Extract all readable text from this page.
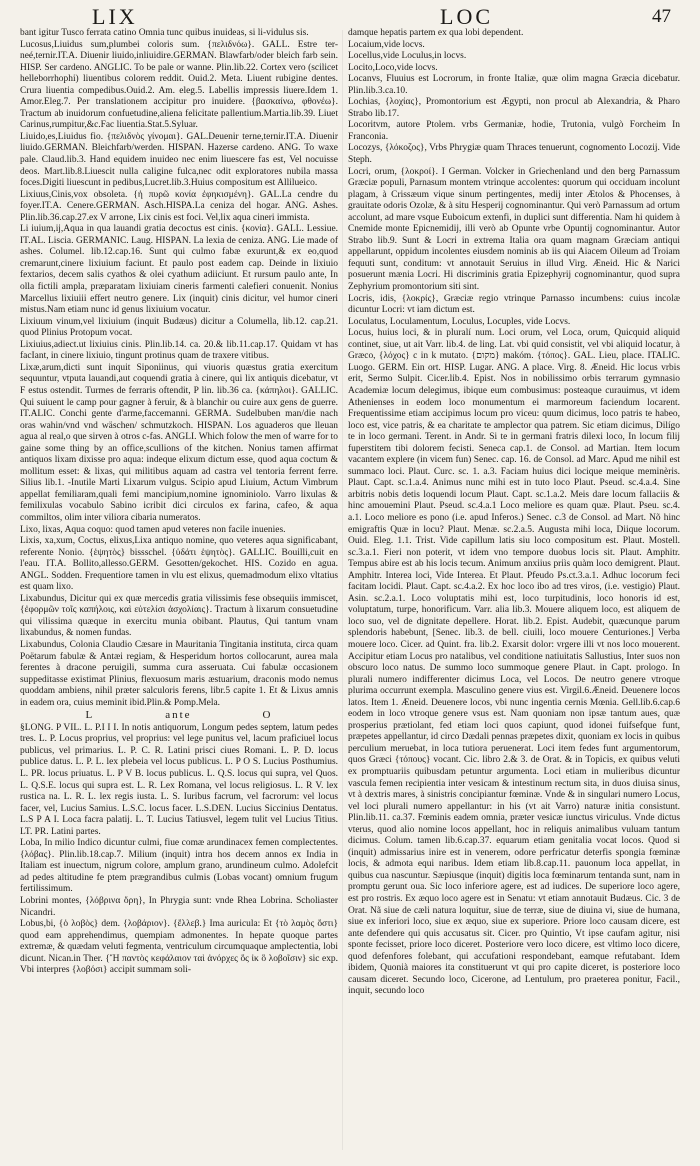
LIX	LOC	47

bant igitur Tusco ferrata catino Omnia tunc quibus inuideas, si li-vidulus sis.

Lucosus,Liuidus sum,plumbei coloris sum. {πελιδνόω}. GALL. Estre ter-neé,ternir.IT.A. Diuenir liuido,inliuidire.GERMAN. Blawfarb/oder bleich farb sein. HISP. Ser cardeno. ANGLIC. To be pale or wanne. Plin.lib.22. Cortex vero (scilicet helleborrhophi) liuentibus colorem reddit. Ouid.2. Meta. Liuent rubigine dentes. Crura liuentia compedibus.Ouid.2. Am. eleg.5. Labellis impressis liuere.Idem 1. Amor.Eleg.7. Per translationem accipitur pro inuidere. {βασκαίνω, φθονέω}. Tractum ab inuidorum confuetudine,aliena felicitate pallentium.Martia.lib.39. Liuet Carinus,rumpitur,&c.Fac liuentia.Stat.5.Syluar.

Liuido,es,Liuidus fio. {πελιδνὸς γίνομαι}. GAL.Deuenir terne,ternir.IT.A. Diuenir liuido.GERMAN. Bleichfarb/werden. HISPAN. Hazerse cardeno. ANG. To waxe pale. Claud.lib.3. Hand equidem inuideo nec enim liuescere fas est, Vel nocuisse deos. Mart.lib.8.Liuescit nulla caligine fulca,nec odit exploratores nubila massa foces.Digiti liuescunt in pedibus,Lucret.lib.3.Huius compositum est Allilueico.

Lixiuus,Cinis,vox obsoleta. {ἡ πυρῶ κονία ἐφηκισμένη}. GAL.La cendre du foyer.IT.A. Cenere.GERMAN. Asch.HISPA.La ceniza del hogar. ANG. Ashes. Plin.lib.36.cap.27.ex V arrone, Lix cinis est foci. Vel,lix aqua cineri immista.

Li iuium,ij,Aqua in qua lauandi gratia decoctus est cinis. {κονία}. GALL. Lessiue. IT.AL. Liscia. GERMANIC. Laug. HISPAN. La lexia de ceniza. ANG. Lie made of ashes. Columel. lib.12.cap.16. Sunt qui culmo fabæ exurunt,& ex eo,quod cremarunt,cinere lixiuium faciunt. Et paulo post eadem cap. Deinde in lixiuio fextarios, decem salis cyathos & olei cyathum adiiciunt. Et rursum paulo ante, In olla fictili ampla, præparatam lixiuiam cineris farmenti calefieri conuenit. Nonius Marcellus lixiuiii effert neutro genere. Lix (inquit) cinis dicitur, vel humor cineri mistus.Nam etiam nunc id genus lixiuium vocatur.

Lixiuum vinum,vel lixiuium (inquit Budæus) dicitur a Columella, lib.12. cap.21. quod Plinius Protopum vocat.

Lixiuius,adiect.ut lixiuius cinis. Plin.lib.14. ca. 20.& lib.11.cap.17. Quidam vt has facIant, in cinere lixiuio, tingunt protinus quam de traxere vitibus.

Lixæ,arum,dicti sunt inquit Siponiinus, qui viuoris quæstus gratia exercitum sequuntur, vtputa lauandi,aut coquendi gratia à cinere, qui lix antiquis dicebatur, vt F estus ostendit. Turmes de ferraris oftendit, P lin. lib.36 ca. {κάπηλοι}. GALLIC. Qui suiuent le camp pour gagner à feruir, & à blanchir ou cuire aux gens de guerre. IT.ALIC. Conchi gente d'arme,faccemanni. GERMA. Sudelbuben man/die nach oras wahin/vnd vnd wäschen/ schmutzkoch. HISPAN. Los aguaderos que lleuan agua al real,o que sirven à otros c-fas. ANGLI. Which folow the men of warre for to gaine some thing by an office,scullions of the kitchen. Nonius tamen affirmat antiquos lixam dixisse pro aqua: indeque elixum dictum esse, quod aqua coctum & mollitum esset: & lixas, qui militibus aquam ad castra vel tentoria ferrent ferre. Silius lib.1. -Inutile Marti Lixarum vulgus. Scipio apud Liuium, Actum Vimbrum appellat femiliaram,quali femi mancipium,nomine ignominiolo. Varro lixulas & femilixulas vocabulo Sabino icribit dici circulos ex farina, cafeo, & aqua commiltos, olim inter viliora cibaria numeratos.

Lixo, lixas, Aqua coquo: quod tamen apud veteres non facile inuenies.

Lixis, xa,xum, Coctus, elixus,Lixa antiquo nomine, quo veteres aqua significabant, referente Nonio. {ἑψητὸς} bissschel. {ὑδάτι ἑψητὸς}. GALLIC. Bouilli,cuit en l'eau. IT.A. Bollito,allesso.GERM. Gesotten/gekochet. HIS. Cozido en agua. ANGL. Sodden. Frequentiore tamen in vlu est elixus, quemadmodum elixo vltatius est quam lixo.

Lixabundus, Dicitur qui ex quæ mercedis gratia vilissimis fese obsequiis immiscet, {ἐφορμῶν τοῖς καπήλοις, καὶ εὐτελίσι ἀσχολίαις}. Tractum à lixarum consuetudine qui vilissima quæque in exercitu munia obibant. Plautus, Qui tantum vnam lixabundus, & nomen fundas.

Lixabundus, Colonia Claudio Cæsare in Mauritania Tingitania instituta, circa quam Poëtarum fabulæ & Antæi regiam, & Hesperidum hortos collocarunt, aurea mala ferentes à dracone peruigili, summa cura asseruata. Cui fabulæ occasionem suppeditasse existimat Plinius, flexuosum maris æstuarium, draconis modo nemus quoddam ambiens, nihil præter salculoris ferens, libr.5 capite 1. Et & Lixus amnis in eadem ora, cuius meminit ibid.Plin.& Pomp.Mela.

L	ante	O

§LONG. P VIL. L. P.I I I. In notis antiquorum, Longum pedes septem, latum pedes tres. L. P. Locus proprius, vel proprius: vel lege punitus vel, lacum praficiuel locus publicus, vel primarius. L. P. C. R. Latini prisci ciues Romani. L. P. D. locus publice datus. L. P. L. lex plebeia vel locus publicus. L. P O S. Lucius Posthumius. L. PR. locus priuatus. L. P V B. locus publicus. L. Q.S. locus qui supra, vel Quos. L. Q.S.E. locus qui supra est. L. R. Lex Romana, vel locus religiosus. L. R V. lex rustica na. L. R. L. lex regis iusta. L. S. Iuribus facrum, vel facrorum: vel locus facer, vel, Lucius Samius. L.S.C. locus facer. L.S.DEN. Lucius Siccinius Dentatus. L.S P A I. Loca facra palatij. L. T. Lucius Tatiusvel, legem tulit vel Lucius Titius. LT. PR. Latini partes.

Loba, In milio Indico dicuntur culmi, fiue comæ arundinacex femen complectentes. {λόβας}. Plin.lib.18.cap.7. Milium (inquit) intra hos decem annos ex India in Italiam est inuectum, nigrum colore, amplum grano, arundineum culmo. Adolefcit ad pedes altitudine fe ptem prægrandibus culmis (Lobas vocant) omnium frugum fertilissimum.

Lobrini montes, {λόβρινα ὄρη}, In Phrygia sunt: vnde Rhea Lobrina. Scholiaster Nicandri.

Lobus,bi, {ὁ λοβὸς} dem. {λοβάριον}. {ἔλλεβ.} Ima auricula: Et {τὸ λαμὸς ὄστι} quod eam apprehendimus, quempiam admonentes. In hepate quoque partes extremæ, & quædam veluti fegmenta, ventriculum circumquaque amplectentia, lobi dicunt. Nican.in Ther. {Ἤ παντὸς κεφάλαιον ταὶ ἀνόρχες ὅς ἰκ ὃ λοβοῖσιν} sic exp. Vbi interpres {λοβόσι} accipit summam soli-

damque hepatis partem ex qua lobi dependent.

Locaium,vide locvs.

Locellus,vide Loculus,in locvs.

Locito,Loco,vide locvs.

Locanvs, Fluuius est Locrorum, in fronte Italiæ, quæ olim magna Græcia dicebatur. Plin.lib.3.ca.10.

Lochias, {λοχίας}, Promontorium est Ægypti, non procul ab Alexandria, & Pharo Strabo lib.17.

Locoritvm, autore Ptolem. vrbs Germaniæ, hodie, Trutonia, vulgò Forcheim In Franconia.

Locozys, {λόκοζος}, Vrbs Phrygiæ quam Thraces tenuerunt, cognomento Locozij. Vide Steph.

Locri, orum, {λοκροί}. I German. Volcker in Griechenland und den berg Parnassum Græciæ populi, Parnasum montem vtrinque accolentes: quorum qui occiduam incolunt plagam, à Crissæum vique sinum pertingentes, medij inter Ætolos & Phocenses, à grauitate odoris Ozolæ, & à situ Hesperij cognominantur. Qui verò Parnassum ad ortum accolunt, ad mare vsque Euboicum extenfi, in duplici sunt differentia. Nam hi quidem à Cnemide monte Epicnemidij, illi verò ab Opunte vrbe Opuntij cognominantur. Autor Strabo lib.9. Sunt & Locri in extrema Italia ora quam magnam Græciam antiqui appellarunt, oppidum incolentes eiusdem nominis ab iis qui Aiacem Oileum ad Troiam fequuti sunt, conditum: vt annotauit Seruius in illud Virg. Æneid. Hic & Narici posuerunt mænia Locri. Hi discriminis gratia Epizephyrij cognominantur, quod supra Zephyrium promontorium siti sint.

Locris, idis, {λοκρίς}, Græciæ regio vtrinque Parnasso incumbens: cuius incolæ dicuntur Locri: vt iam dictum est.

Loculatus, Loculamentum, Loculus, Locuples, vide Locvs.

Locus, huius loci, & in pluralí num. Loci orum, vel Loca, orum, Quicquid aliquid continet, siue, ut ait Varr. lib.4. de ling. Lat. vbi quid consistit, vel vbi aliquid locatur, à Græco, {λόχος} c in k mutato. {מקום} makóm. {τόπος}. GAL. Lieu, place. ITALIC. Luogo. GERM. Ein ort. HISP. Lugar. ANG. A place. Virg. 8. Æneid. Hic locus vrbis erit, Sermo Sulpit. Cicer.lib.4. Epist. Nos in nobilissimo orbis terrarum gymnasio Academiæ locum delegimus, ibique eum combusimus: posteaque curauimus, vt idem Athenienses in eodem loco monumentum ei marmoreum faciendum locarent. Frequentissime etiam accipimus locum pro viceu: quum dicimus, loco patris te habeo, loco est, vice patris, & ea charitate te amplector qua patrem. Sic etiam dicimus, Dilígo te in loco germani. Terent. in Andr. Si te in germani fratris dilexi loco, In locum filij fuperstitem tibi dolorem fecisti. Seneca cap.1. de Consol. ad Martian. Item locum vacantem explere (in vicem fun) Senec. cap. 16. de Consol. ad Marc. Apud me nihil est summaco loci. Plaut. Curc. sc. 1. a.3. Faciam huius dici locique meique meminèris. Plaut. Capt. sc.1.a.4. Animus nunc mihi est in tuto loco Plaut. Pseud. sc.4.a.4. Sine arbitris nobis detis loquendi locum Plaut. Capt. sc.1.a.2. Meis dare locum fallaciis & hinc amouemini Plaut. Pseud. sc.4.a.1 Loco meliore es quam quæ. Plaut. Pseu. sc.4. a.1. Loco meliore es pono (i.e. apud Inferos.) Senec. c.3 de Consol. ad Mart. Nõ hinc emigraftis Quæ in locu? Plaut. Menæ. sc.2.a.5. Augusta mihi loca, Diique locorum. Ouid. Eleg. 1.1. Trist. Vide capillum latis siu loco compositum est. Plaut. Mostell. sc.3.a.1. Fieri non poterit, vt idem vno tempore duobus locis sit. Plaut. Amphitr. Tempus abire est ab his locis tecum. Animum anxiius priìs quàm loco demigrent. Plaut. Amphitr. Interea loci, Vide Interea. Et Plaut. Pfeudo Ps.ct.3.a.1. Adhuc locorum feci facitam locidi. Plaut. Capt. sc.4.a.2. Ex hoc loco ibo ad tres viros, (i.e. vestigio) Plaut. Asin. sc.2.a.1. Loco voluptatis mihi est, loco turpitudinis, loco honoris id est, voluptatum, turpe, honorificum. Varr. alia lib.3. Mouere aliquem loco, est aliquem de loco suo, vel de dignitate depellere. Horat. lib.2. Epist. Audebit, quæcunque parum splendoris habebunt, [Senec. lib.3. de bell. ciuili, loco mouere Centuriones.] Verba mouere loco. Cicer. ad Quint. fra. lib.2. Exarsit dolor: vrgere illi vt nos loco mouerent. Accipitur etiam Locus pro natalibus, vel conditione natiuitatis Sallustius, Inter suos non obscuro loco natus. De summo loco summoque genere Plaut. in Capt. prologo. In plurali numero indifferenter dicimus Loca, vel Locos. De neutro genere vtroque plurima occurrunt exempla. Masculino genere vius est. Virgil.6.Æneid. Deuenere locos latos. Item 1. Æneid. Deuenere locos, vbi nunc ingentia cernis Mœnia. Gell.lib.6.cap.6 eodem in loco vtroque genere vsus est. Nam quoniam non ipsæ tantum aues, quæ prosperius prætiolant, fed etiam loci quos capiunt, quod idonei fuifsefque funt, præpetes appellantur, id circo Dædali pennas præpetes dixit, quoniam ex locis in quibus perculium meruebat, in loca tutiora peruenerat. Loci item fedes funt argumentorum, quos Græci {τόπους} vocant. Cic. libro 2.& 3. de Orat. & in Topicis, ex quibus veluti ex promptuariis quibusdam petuntur argumenta. Loci etiam in mulieribus dicuntur vascula femen recipientia inter vesicam & intestinum rectum sita, in duos diuisa sinus, vt à dextris mares, à sinistris concipiantur fœminæ. Vnde & in singulari numero Locus, vel loci plurali numero appellantur: in his (vt ait Varro) naturæ initia consistunt. Plin.lib.11. ca.37. Fœminis eadem omnia, præter vesicæ iunctus viriculus. Vnde dictus vterus, quod alio nomine locos appellant, hoc in reliquis animalibus vuluam tantum dicimus. Colum. tamen lib.6.cap.37. equarum etiam genitalia vocat locos. Quod si (inquit) admissarius inire est in venerem, odore perfricatur deterfis spongia fœminæ locis, & admota equi naribus. Idem etiam lib.8.cap.11. pauonum loca appellat, in quibus cua nascuntur. Sæpiusque (inquit) digitis loca fœminarum tentanda sunt, nam in promptu gerunt oua. Sic loco inferiore agere, est ad iudices. De superiore loco agere, est pro rostris. Ex æquo loco agere est in Senatu: vt etiam annotauit Budæus. Cic. 3 de Orat. Nã siue de cæli natura loquitur, siue de terræ, siue de diuina vi, siue de humana, siue ex inferiori loco, siue ex æquo, siue ex superiore. Priore loco causam dicere, est ante defendere qui quis accusatus sit. Cicer. pro Quintio, Vt ipse caufam agitur, nisi sponte fecisset, priore loco diceret. Posteriore vero loco dicere, est vltimo loco dicere, quod defenfores folebant, qui accufationi respondebant, eamque refutabant. Idem ibidem, Quonià maiores ita constituerunt vt qui pro capite diceret, is posteriore loco causam diceret. Secundo loco, Cicerone, ad Lentulum, pro praeterea ponitur, Facil., inquit, secundo loco
